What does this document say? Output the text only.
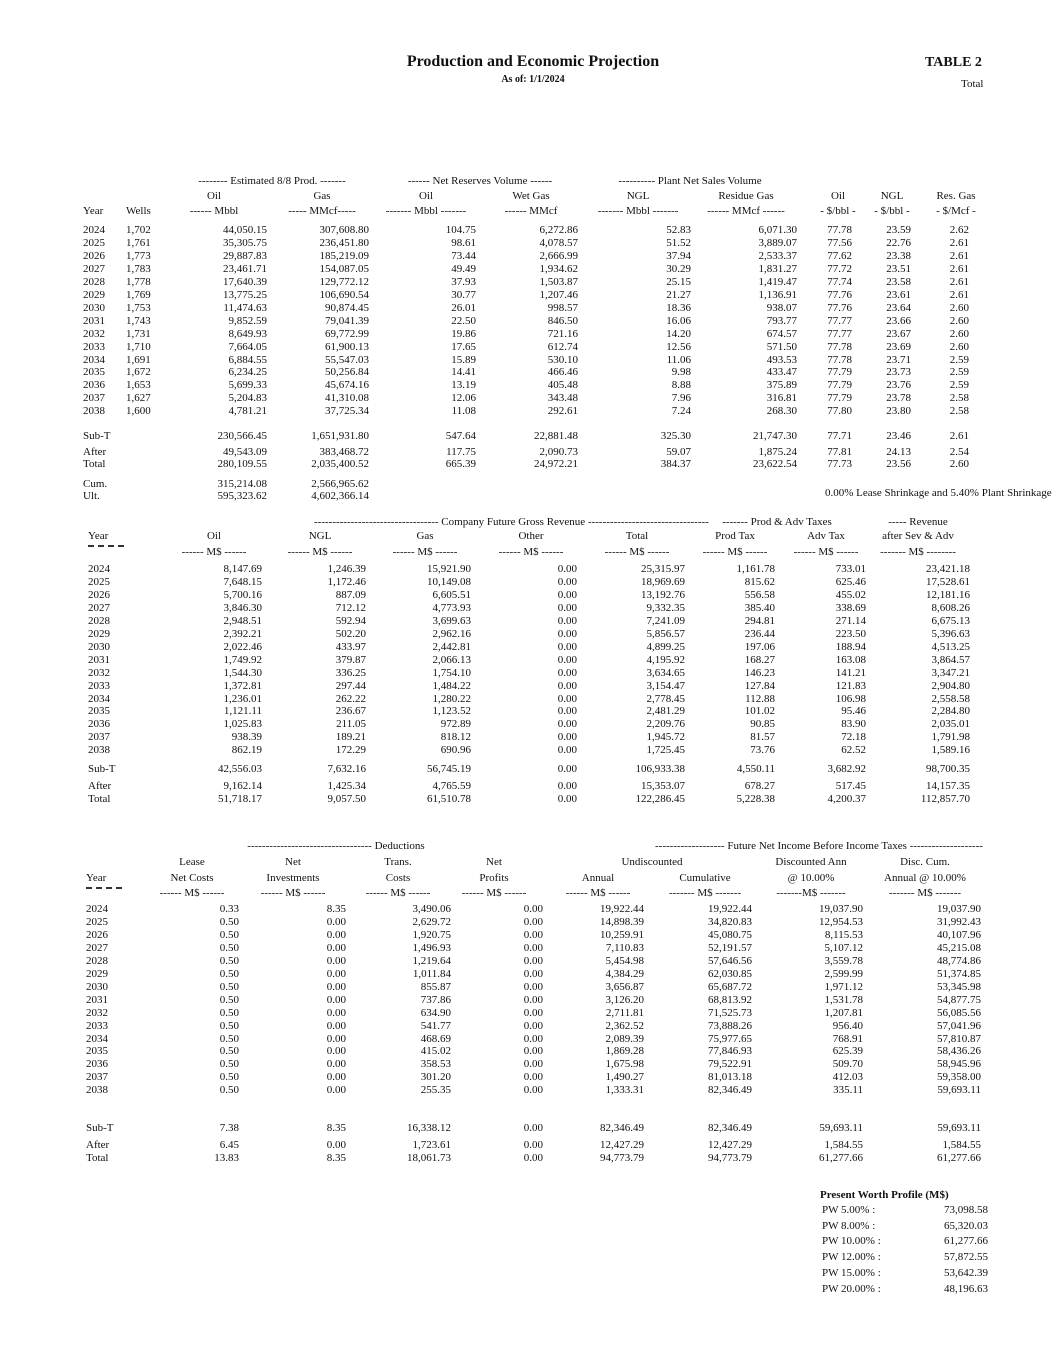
Production and Economic Projection
As of: 1/1/2024
TABLE 2
Total
-------- Estimated 8/8 Prod. -------	------ Net Reserves Volume ------	---------- Plant Net Sales Volume
Oil	Gas	Oil	Wet Gas	NGL	Residue Gas	Oil	NGL	Res. Gas
Year Wells	------ Mbbl	----- MMcf-----	------- Mbbl -------	------ MMcf	------- Mbbl -------	------ MMcf ------	- $/bbl -	- $/bbl -	- $/Mcf -
2024 1,702	44,050.15	307,608.80	104.75	6,272.86	52.83	6,071.30	77.78	23.59	2.62
2025 1,761	35,305.75	236,451.80	98.61	4,078.57	51.52	3,889.07	77.56	22.76	2.61
2026 1,773	29,887.83	185,219.09	73.44	2,666.99	37.94	2,533.37	77.62	23.38	2.61
2027 1,783	23,461.71	154,087.05	49.49	1,934.62	30.29	1,831.27	77.72	23.51	2.61
2028 1,778	17,640.39	129,772.12	37.93	1,503.87	25.15	1,419.47	77.74	23.58	2.61
2029 1,769	13,775.25	106,690.54	30.77	1,207.46	21.27	1,136.91	77.76	23.61	2.61
2030 1,753	11,474.63	90,874.45	26.01	998.57	18.36	938.07	77.76	23.64	2.60
2031 1,743	9,852.59	79,041.39	22.50	846.50	16.06	793.77	77.77	23.66	2.60
2032 1,731	8,649.93	69,772.99	19.86	721.16	14.20	674.57	77.77	23.67	2.60
2033 1,710	7,664.05	61,900.13	17.65	612.74	12.56	571.50	77.78	23.69	2.60
2034 1,691	6,884.55	55,547.03	15.89	530.10	11.06	493.53	77.78	23.71	2.59
2035 1,672	6,234.25	50,256.84	14.41	466.46	9.98	433.47	77.79	23.73	2.59
2036 1,653	5,699.33	45,674.16	13.19	405.48	8.88	375.89	77.79	23.76	2.59
2037 1,627	5,204.83	41,310.08	12.06	343.48	7.96	316.81	77.79	23.78	2.58
2038 1,600	4,781.21	37,725.34	11.08	292.61	7.24	268.30	77.80	23.80	2.58
Sub-T	230,566.45	1,651,931.80	547.64	22,881.48	325.30	21,747.30	77.71	23.46	2.61
After	49,543.09	383,468.72	117.75	2,090.73	59.07	1,875.24	77.81	24.13	2.54
Total	280,109.55	2,035,400.52	665.39	24,972.21	384.37	23,622.54	77.73	23.56	2.60
Cum.	315,214.08	2,566,965.62
Ult.	595,323.62	4,602,366.14	0.00% Lease Shrinkage and 5.40% Plant Shrinkage
---------------------------------- Company Future Gross Revenue ---------------------------------	------- Prod & Adv Taxes	----- Revenue
Year	Oil	NGL	Gas	Other	Total	Prod Tax	Adv Tax	after Sev & Adv
------ M$ ------	------ M$ ------	------ M$ ------	------ M$ ------	------ M$ ------	------ M$ ------	------ M$ ------	------- M$ --------
2024	8,147.69	1,246.39	15,921.90	0.00	25,315.97	1,161.78	733.01	23,421.18
2025	7,648.15	1,172.46	10,149.08	0.00	18,969.69	815.62	625.46	17,528.61
2026	5,700.16	887.09	6,605.51	0.00	13,192.76	556.58	455.02	12,181.16
2027	3,846.30	712.12	4,773.93	0.00	9,332.35	385.40	338.69	8,608.26
2028	2,948.51	592.94	3,699.63	0.00	7,241.09	294.81	271.14	6,675.13
2029	2,392.21	502.20	2,962.16	0.00	5,856.57	236.44	223.50	5,396.63
2030	2,022.46	433.97	2,442.81	0.00	4,899.25	197.06	188.94	4,513.25
2031	1,749.92	379.87	2,066.13	0.00	4,195.92	168.27	163.08	3,864.57
2032	1,544.30	336.25	1,754.10	0.00	3,634.65	146.23	141.21	3,347.21
2033	1,372.81	297.44	1,484.22	0.00	3,154.47	127.84	121.83	2,904.80
2034	1,236.01	262.22	1,280.22	0.00	2,778.45	112.88	106.98	2,558.58
2035	1,121.11	236.67	1,123.52	0.00	2,481.29	101.02	95.46	2,284.80
2036	1,025.83	211.05	972.89	0.00	2,209.76	90.85	83.90	2,035.01
2037	938.39	189.21	818.12	0.00	1,945.72	81.57	72.18	1,791.98
2038	862.19	172.29	690.96	0.00	1,725.45	73.76	62.52	1,589.16
Sub-T	42,556.03	7,632.16	56,745.19	0.00	106,933.38	4,550.11	3,682.92	98,700.35
After	9,162.14	1,425.34	4,765.59	0.00	15,353.07	678.27	517.45	14,157.35
Total	51,718.17	9,057.50	61,510.78	0.00	122,286.45	5,228.38	4,200.37	112,857.70
---------------------------------- Deductions	------------------- Future Net Income Before Income Taxes --------------------
Lease	Net	Trans.	Net	Undiscounted	Discounted Ann	Disc. Cum.
Year	Net Costs	Investments	Costs	Profits	Annual	Cumulative	@ 10.00%	Annual @ 10.00%
------ M$ ------	------ M$ ------	------ M$ ------	------ M$ ------	------ M$ ------	------- M$ -------	-------M$ -------	------- M$ -------
2024	0.33	8.35	3,490.06	0.00	19,922.44	19,922.44	19,037.90	19,037.90
2025	0.50	0.00	2,629.72	0.00	14,898.39	34,820.83	12,954.53	31,992.43
2026	0.50	0.00	1,920.75	0.00	10,259.91	45,080.75	8,115.53	40,107.96
2027	0.50	0.00	1,496.93	0.00	7,110.83	52,191.57	5,107.12	45,215.08
2028	0.50	0.00	1,219.64	0.00	5,454.98	57,646.56	3,559.78	48,774.86
2029	0.50	0.00	1,011.84	0.00	4,384.29	62,030.85	2,599.99	51,374.85
2030	0.50	0.00	855.87	0.00	3,656.87	65,687.72	1,971.12	53,345.98
2031	0.50	0.00	737.86	0.00	3,126.20	68,813.92	1,531.78	54,877.75
2032	0.50	0.00	634.90	0.00	2,711.81	71,525.73	1,207.81	56,085.56
2033	0.50	0.00	541.77	0.00	2,362.52	73,888.26	956.40	57,041.96
2034	0.50	0.00	468.69	0.00	2,089.39	75,977.65	768.91	57,810.87
2035	0.50	0.00	415.02	0.00	1,869.28	77,846.93	625.39	58,436.26
2036	0.50	0.00	358.53	0.00	1,675.98	79,522.91	509.70	58,945.96
2037	0.50	0.00	301.20	0.00	1,490.27	81,013.18	412.03	59,358.00
2038	0.50	0.00	255.35	0.00	1,333.31	82,346.49	335.11	59,693.11
Sub-T	7.38	8.35	16,338.12	0.00	82,346.49	82,346.49	59,693.11	59,693.11
After	6.45	0.00	1,723.61	0.00	12,427.29	12,427.29	1,584.55	1,584.55
Total	13.83	8.35	18,061.73	0.00	94,773.79	94,773.79	61,277.66	61,277.66
Present Worth Profile (M$)
PW 5.00% :	73,098.58
PW 8.00% :	65,320.03
PW 10.00% :	61,277.66
PW 12.00% :	57,872.55
PW 15.00% :	53,642.39
PW 20.00% :	48,196.63
